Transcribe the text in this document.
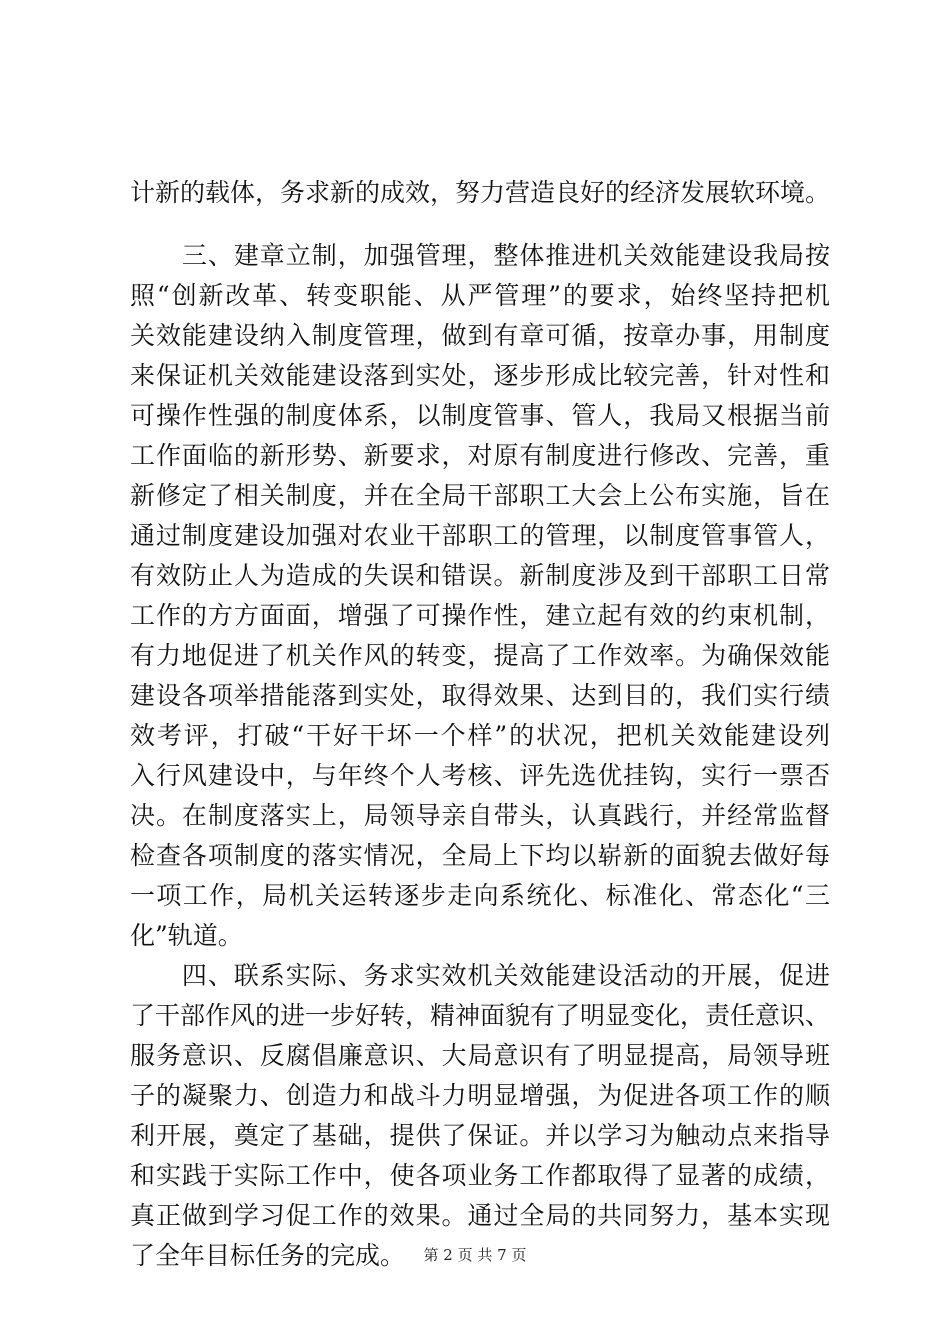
计新的载体，务求新的成效，努力营造良好的经济发展软环境。
　　三、建章立制，加强管理，整体推进机关效能建设我局按
照“创新改革、转变职能、从严管理”的要求，始终坚持把机
关效能建设纳入制度管理，做到有章可循，按章办事，用制度
来保证机关效能建设落到实处，逐步形成比较完善，针对性和
可操作性强的制度体系，以制度管事、管人，我局又根据当前
工作面临的新形势、新要求，对原有制度进行修改、完善，重
新修定了相关制度，并在全局干部职工大会上公布实施，旨在
通过制度建设加强对农业干部职工的管理，以制度管事管人，
有效防止人为造成的失误和错误。新制度涉及到干部职工日常
工作的方方面面，增强了可操作性，建立起有效的约束机制，
有力地促进了机关作风的转变，提高了工作效率。为确保效能
建设各项举措能落到实处，取得效果、达到目的，我们实行绩
效考评，打破“干好干坏一个样”的状况，把机关效能建设列
入行风建设中，与年终个人考核、评先选优挂钩，实行一票否
决。在制度落实上，局领导亲自带头，认真践行，并经常监督
检查各项制度的落实情况，全局上下均以崭新的面貌去做好每
一项工作，局机关运转逐步走向系统化、标准化、常态化“三
化”轨道。
　　四、联系实际、务求实效机关效能建设活动的开展，促进
了干部作风的进一步好转，精神面貌有了明显变化，责任意识、
服务意识、反腐倡廉意识、大局意识有了明显提高，局领导班
子的凝聚力、创造力和战斗力明显增强，为促进各项工作的顺
利开展，奠定了基础，提供了保证。并以学习为触动点来指导
和实践于实际工作中，使各项业务工作都取得了显著的成绩，
真正做到学习促工作的效果。通过全局的共同努力，基本实现
了全年目标任务的完成。	第 2 页 共 7 页
